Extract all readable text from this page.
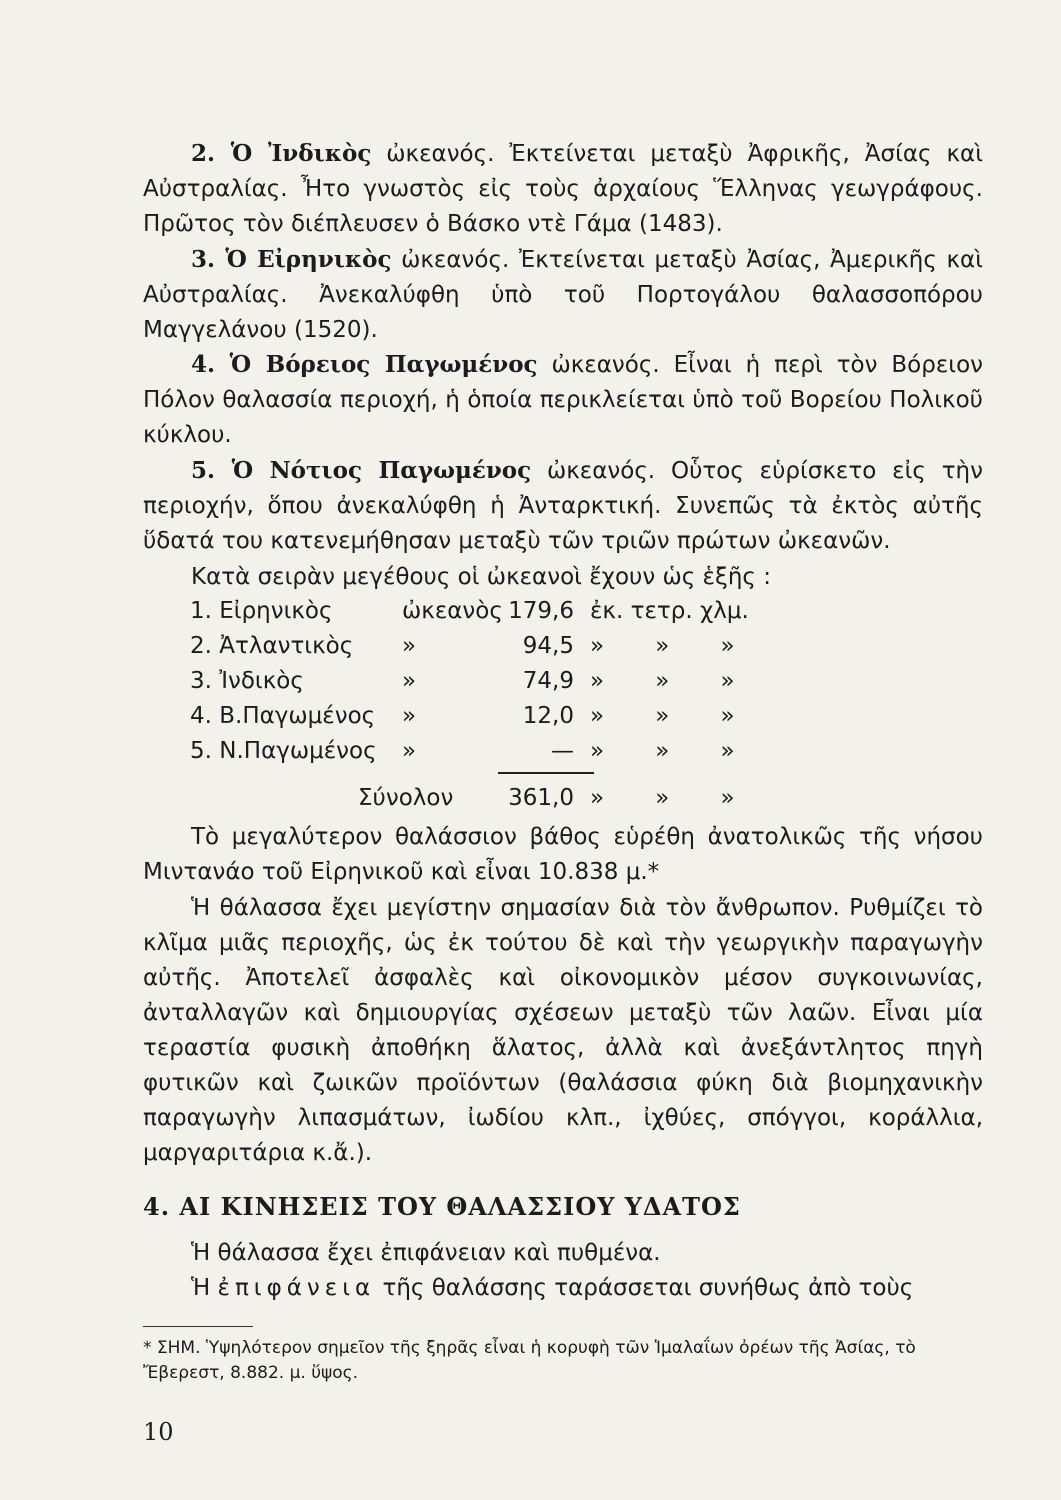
2. Ὁ Ἰνδικὸς ὠκεανός. Ἐκτείνεται μεταξὺ Ἀφρικῆς, Ἀσίας καὶ Αὐστραλίας. Ἦτο γνωστὸς εἰς τοὺς ἀρχαίους Ἕλληνας γεωγράφους. Πρῶτος τὸν διέπλευσεν ὁ Βάσκο ντὲ Γάμα (1483).

3. Ὁ Εἰρηνικὸς ὠκεανός. Ἐκτείνεται μεταξὺ Ἀσίας, Ἀμερικῆς καὶ Αὐστραλίας. Ἀνεκαλύφθη ὑπὸ τοῦ Πορτογάλου θαλασσοπόρου Μαγγελάνου (1520).

4. Ὁ Βόρειος Παγωμένος ὠκεανός. Εἶναι ἡ περὶ τὸν Βόρειον Πόλον θαλασσία περιοχή, ἡ ὁποία περικλείεται ὑπὸ τοῦ Βορείου Πολικοῦ κύκλου.

5. Ὁ Νότιος Παγωμένος ὠκεανός. Οὗτος εὑρίσκετο εἰς τὴν περιοχήν, ὅπου ἀνεκαλύφθη ἡ Ἀνταρκτική. Συνεπῶς τὰ ἐκτὸς αὐτῆς ὕδατά του κατενεμήθησαν μεταξὺ τῶν τριῶν πρώτων ὠκεανῶν.

Κατὰ σειρὰν μεγέθους οἱ ὠκεανοὶ ἔχουν ὡς ἑξῆς :

1. Εἰρηνικὸς	ὠκεανὸς 179,6 ἐκ. τετρ. χλμ.
2. Ἀτλαντικὸς »	94,5 »       »       »
3. Ἰνδικὸς	»	74,9 »       »       »
4. Β.Παγωμένος »	12,0 »       »       »
5. Ν.Παγωμένος »	— »       »       »
Σύνολον	361,0 »       »       »

Τὸ μεγαλύτερον θαλάσσιον βάθος εὑρέθη ἀνατολικῶς τῆς νήσου Μιντανάο τοῦ Εἰρηνικοῦ καὶ εἶναι 10.838 μ.*

Ἡ θάλασσα ἔχει μεγίστην σημασίαν διὰ τὸν ἄνθρωπον. Ρυθμίζει τὸ κλῖμα μιᾶς περιοχῆς, ὡς ἐκ τούτου δὲ καὶ τὴν γεωργικὴν παραγωγὴν αὐτῆς. Ἀποτελεῖ ἀσφαλὲς καὶ οἰκονομικὸν μέσον συγκοινωνίας, ἀνταλλαγῶν καὶ δημιουργίας σχέσεων μεταξὺ τῶν λαῶν. Εἶναι μία τεραστία φυσικὴ ἀποθήκη ἅλατος, ἀλλὰ καὶ ἀνεξάντλητος πηγὴ φυτικῶν καὶ ζωικῶν προϊόντων (θαλάσσια φύκη διὰ βιομηχανικὴν παραγωγὴν λιπασμάτων, ἰωδίου κλπ., ἰχθύες, σπόγγοι, κοράλλια, μαργαριτάρια κ.ἄ.).

4. ΑΙ ΚΙΝΗΣΕΙΣ ΤΟΥ ΘΑΛΑΣΣΙΟΥ ΥΔΑΤΟΣ

Ἡ θάλασσα ἔχει ἐπιφάνειαν καὶ πυθμένα.

Ἡ ἐπιφάνεια τῆς θαλάσσης ταράσσεται συνήθως ἀπὸ τοὺς

* ΣΗΜ. Ὑψηλότερον σημεῖον τῆς ξηρᾶς εἶναι ἡ κορυφὴ τῶν Ἱμαλαΐων ὀρέων τῆς Ἀσίας, τὸ Ἔβερεστ, 8.882. μ. ὕψος.
10
